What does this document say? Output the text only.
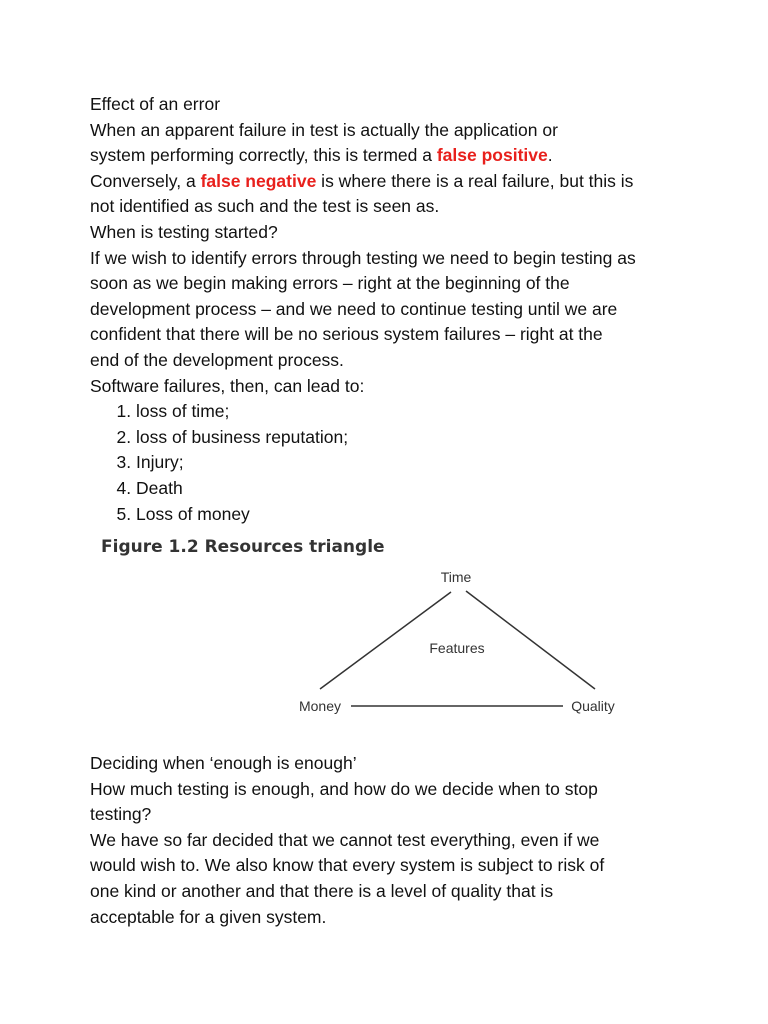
Effect of an error
When an apparent failure in test is actually the application or
system performing correctly, this is termed a false positive.
Conversely, a false negative is where there is a real failure, but this is
not identified as such and the test is seen as.
When is testing started?
If we wish to identify errors through testing we need to begin testing as
soon as we begin making errors – right at the beginning of the
development process – and we need to continue testing until we are
confident that there will be no serious system failures – right at the
end of the development process.
Software failures, then, can lead to:
1. loss of time;
2. loss of business reputation;
3. Injury;
4. Death
5. Loss of money
Figure 1.2 Resources triangle
Time
Features
Money	Quality
Deciding when ‘enough is enough’
How much testing is enough, and how do we decide when to stop
testing?
We have so far decided that we cannot test everything, even if we
would wish to. We also know that every system is subject to risk of
one kind or another and that there is a level of quality that is
acceptable for a given system.
